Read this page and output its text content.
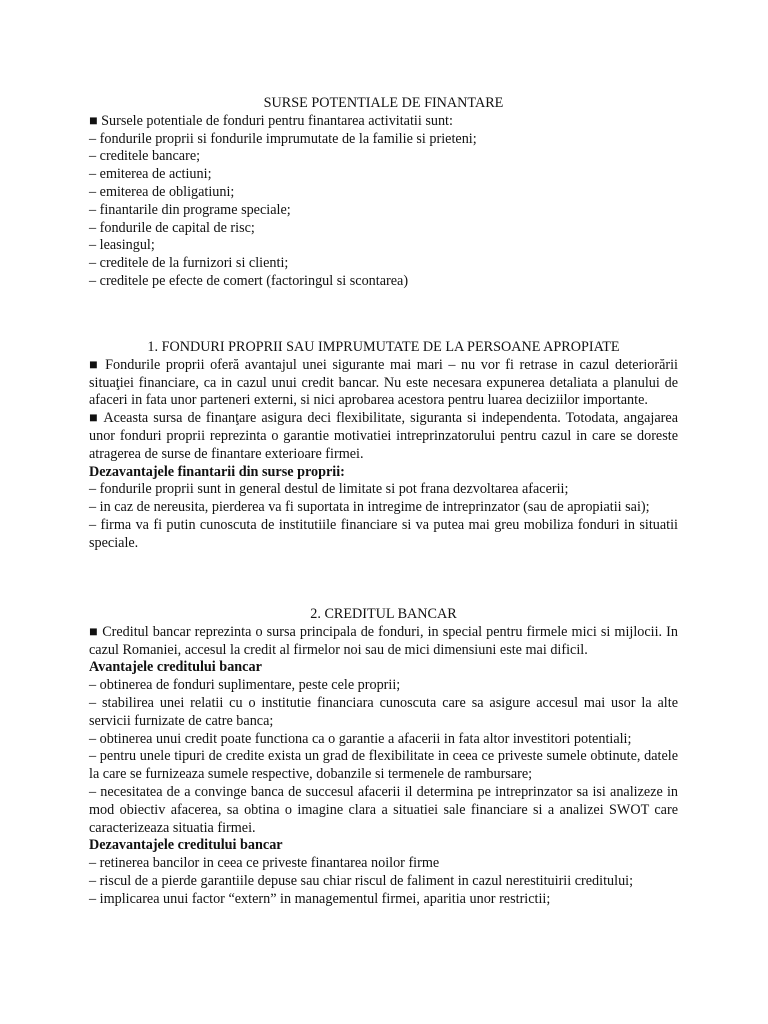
SURSE POTENTIALE DE FINANTARE
■ Sursele potentiale de fonduri pentru finantarea activitatii sunt:
– fondurile proprii si fondurile imprumutate de la familie si prieteni;
– creditele bancare;
– emiterea de actiuni;
– emiterea de obligatiuni;
– finantarile din programe speciale;
– fondurile de capital de risc;
– leasingul;
– creditele de la furnizori si clienti;
– creditele pe efecte de comert (factoringul si scontarea)
1. FONDURI PROPRII SAU IMPRUMUTATE DE LA PERSOANE APROPIATE
■ Fondurile proprii oferă avantajul unei sigurante mai mari – nu vor fi retrase in cazul deteriorării situaţiei financiare, ca in cazul unui credit bancar. Nu este necesara expunerea detaliata a planului de afaceri in fata unor parteneri externi, si nici aprobarea acestora pentru luarea deciziilor importante.
■ Aceasta sursa de finanţare asigura deci flexibilitate, siguranta si independenta. Totodata, angajarea unor fonduri proprii reprezinta o garantie motivatiei intreprinzatorului pentru cazul in care se doreste atragerea de surse de finantare exterioare firmei.
Dezavantajele finantarii din surse proprii:
– fondurile proprii sunt in general destul de limitate si pot frana dezvoltarea afacerii;
– in caz de nereusita, pierderea va fi suportata in intregime de intreprinzator (sau de apropiatii sai);
– firma va fi putin cunoscuta de institutiile financiare si va putea mai greu mobiliza fonduri in situatii speciale.
2. CREDITUL BANCAR
■ Creditul bancar reprezinta o sursa principala de fonduri, in special pentru firmele mici si mijlocii. In cazul Romaniei, accesul la credit al firmelor noi sau de mici dimensiuni este mai dificil.
Avantajele creditului bancar
– obtinerea de fonduri suplimentare, peste cele proprii;
– stabilirea unei relatii cu o institutie financiara cunoscuta care sa asigure accesul mai usor la alte servicii furnizate de catre banca;
– obtinerea unui credit poate functiona ca o garantie a afacerii in fata altor investitori potentiali;
– pentru unele tipuri de credite exista un grad de flexibilitate in ceea ce priveste sumele obtinute, datele la care se furnizeaza sumele respective, dobanzile si termenele de rambursare;
– necesitatea de a convinge banca de succesul afacerii il determina pe intreprinzator sa isi analizeze in mod obiectiv afacerea, sa obtina o imagine clara a situatiei sale financiare si a analizei SWOT care caracterizeaza situatia firmei.
Dezavantajele creditului bancar
– retinerea bancilor in ceea ce priveste finantarea noilor firme
– riscul de a pierde garantiile depuse sau chiar riscul de faliment in cazul nerestituirii creditului;
– implicarea unui factor “extern” in managementul firmei, aparitia unor restrictii;
